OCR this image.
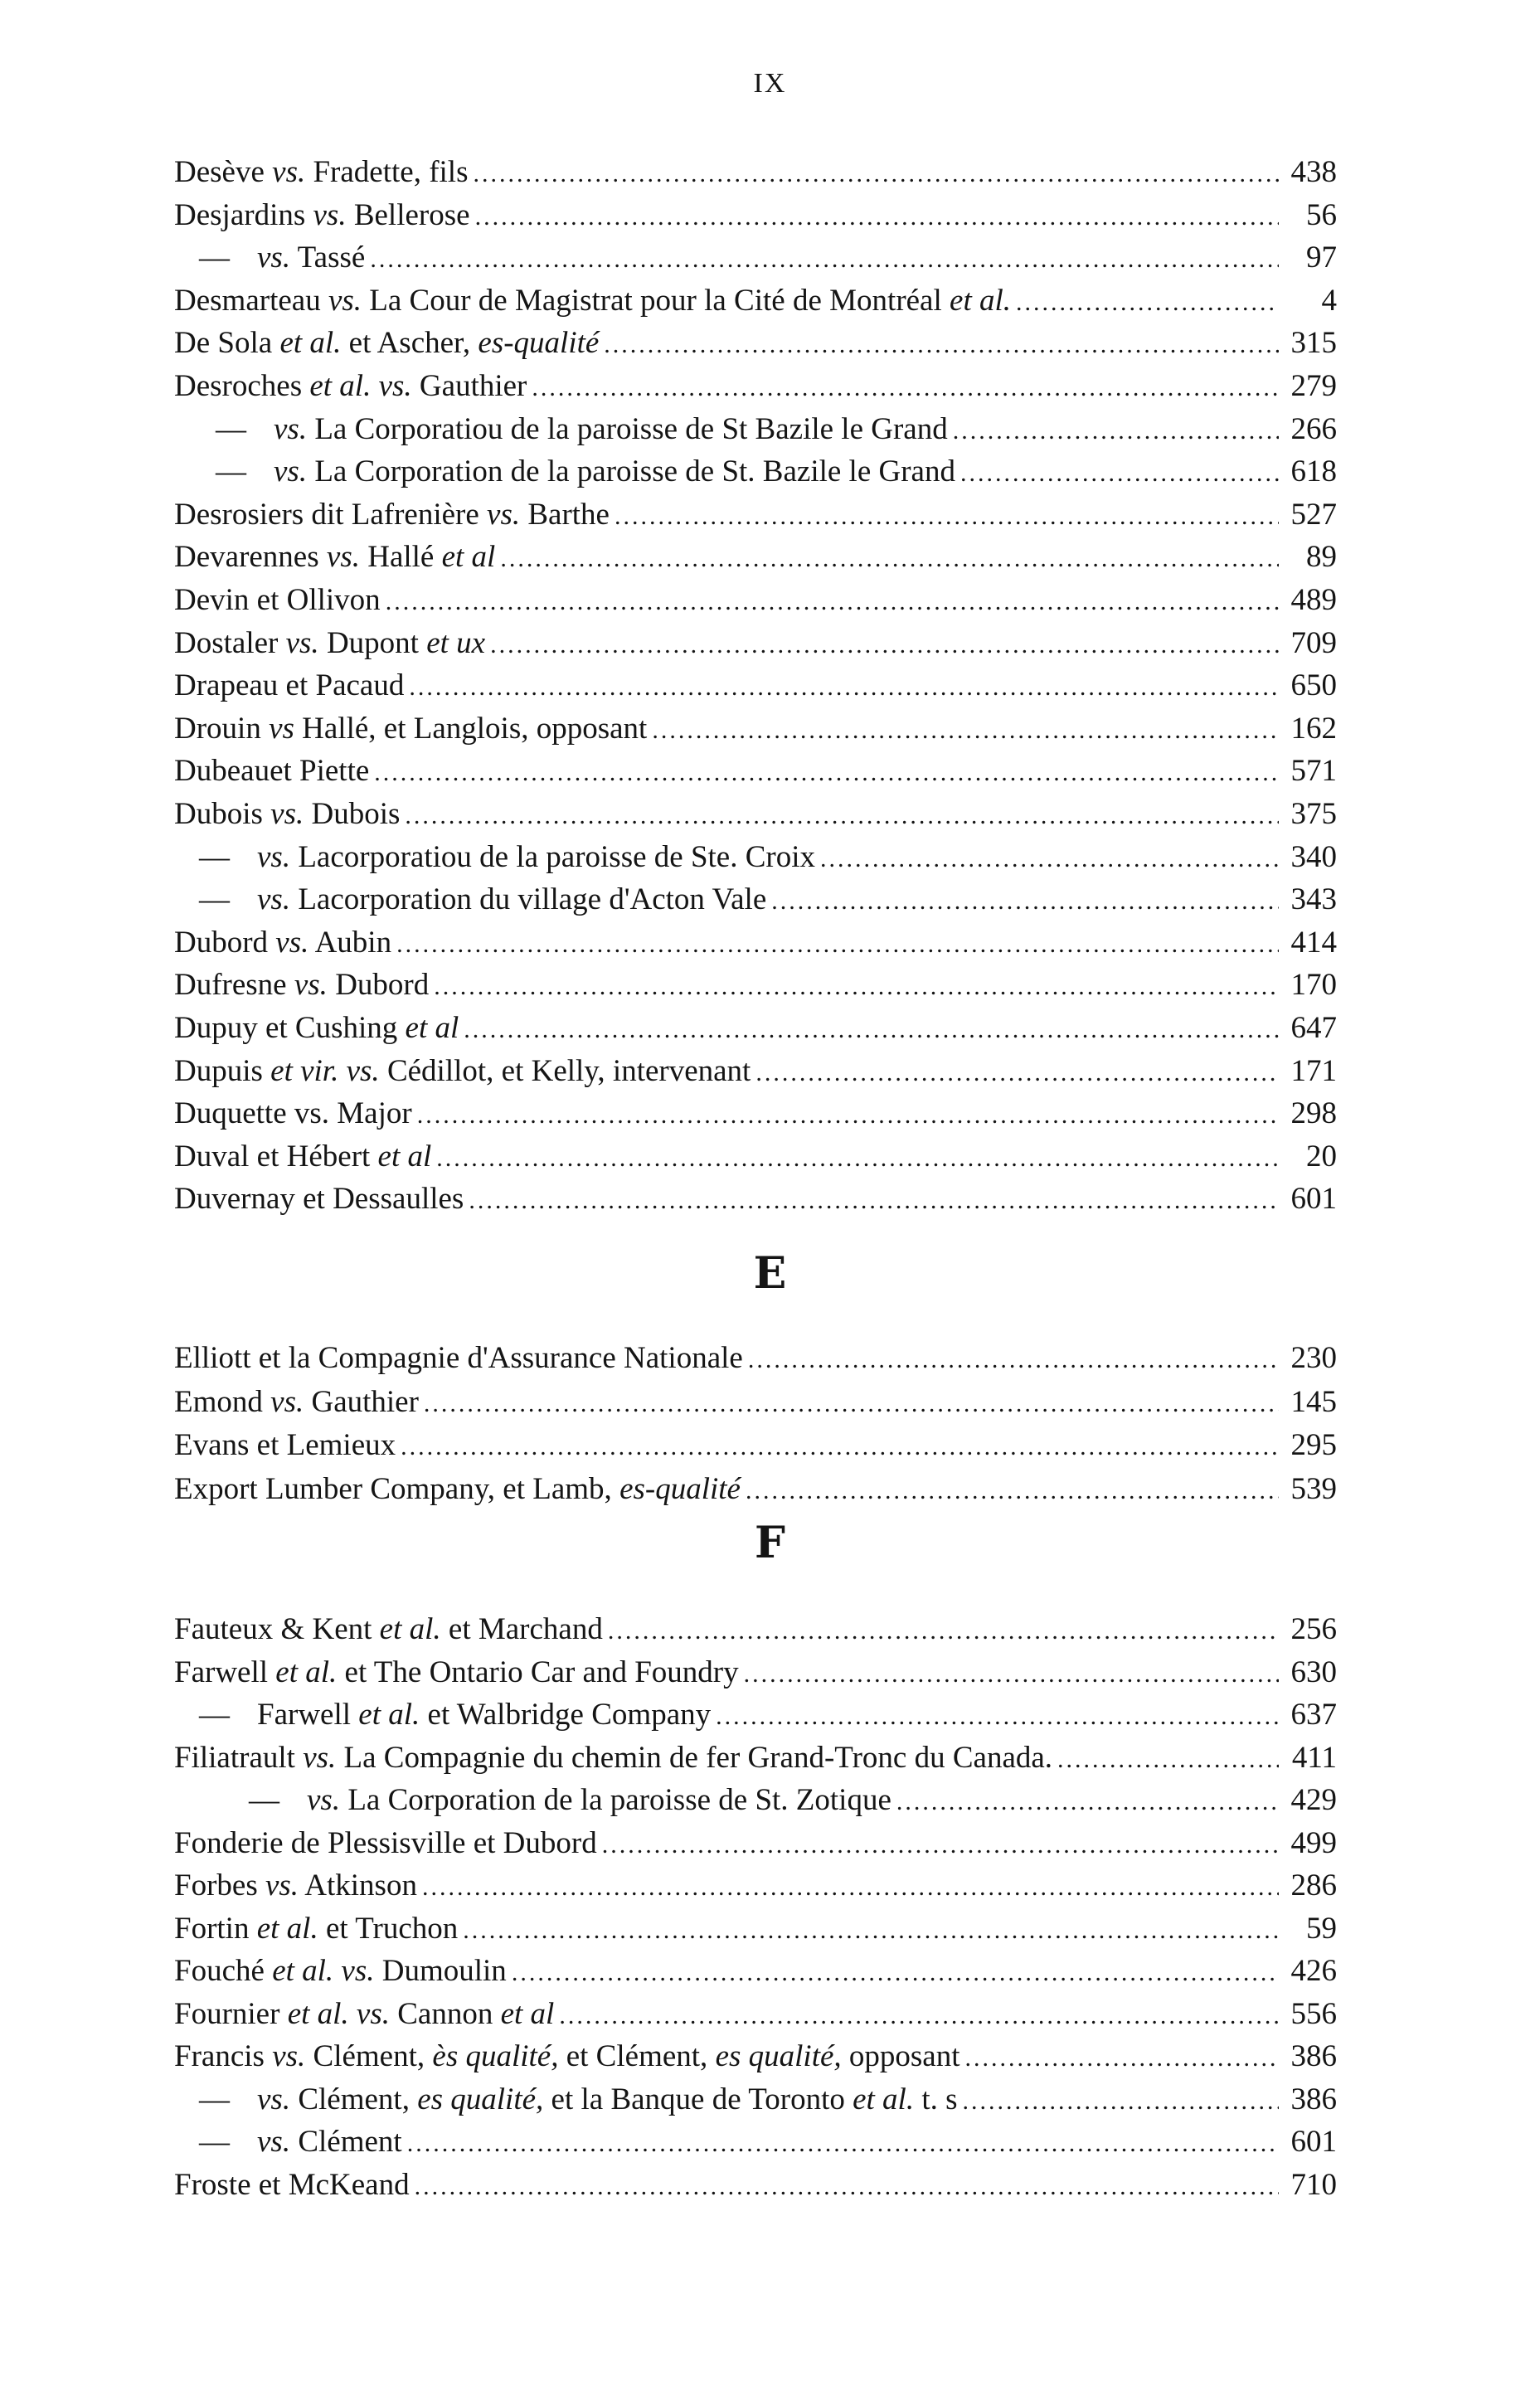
IX
Desève vs. Fradette, fils .....	438
Desjardins vs. Bellerose .....	56
— vs. Tassé .....	97
Desmarteau vs. La Cour de Magistrat pour la Cité de Montréal et al. .....	4
De Sola et al. et Ascher, es-qualité .....	315
Desroches et al. vs. Gauthier .....	279
— vs. La Corporatiou de la paroisse de St Bazile le Grand .....	266
— vs. La Corporation de la paroisse de St. Bazile le Grand .....	618
Desrosiers dit Lafrenière vs. Barthe .....	527
Devarennes vs. Hallé et al .....	89
Devin et Ollivon .....	489
Dostaler vs. Dupont et ux .....	709
Drapeau et Pacaud .....	650
Drouin vs Hallé, et Langlois, opposant .....	162
Dubeauet Piette .....	571
Dubois vs. Dubois .....	375
— vs. Lacorporatiou de la paroisse de Ste. Croix .....	340
— vs. Lacorporation du village d'Acton Vale .....	343
Dubord vs. Aubin .....	414
Dufresne vs. Dubord .....	170
Dupuy et Cushing et al .....	647
Dupuis et vir. vs. Cédillot, et Kelly, intervenant .....	171
Duquette vs. Major .....	298
Duval et Hébert et al .....	20
Duvernay et Dessaulles .....	601
E
Elliott et la Compagnie d'Assurance Nationale .....	230
Emond vs. Gauthier .....	145
Evans et Lemieux .....	295
Export Lumber Company, et Lamb, es-qualité .....	539
F
Fauteux & Kent et al. et Marchand .....	256
Farwell et al. et The Ontario Car and Foundry .....	630
— Farwell et al. et Walbridge Company .....	637
Filiatrault vs. La Compagnie du chemin de fer Grand-Tronc du Canada. .....	411
— vs. La Corporation de la paroisse de St. Zotique .....	429
Fonderie de Plessisville et Dubord .....	499
Forbes vs. Atkinson .....	286
Fortin et al. et Truchon .....	59
Fouché et al. vs. Dumoulin .....	426
Fournier et al. vs. Cannon et al .....	556
Francis vs. Clément, ès qualité, et Clément, es qualité, opposant .....	386
— vs. Clément, es qualité, et la Banque de Toronto et al. t. s .....	386
— vs. Clément .....	601
Froste et McKeand .....	710
